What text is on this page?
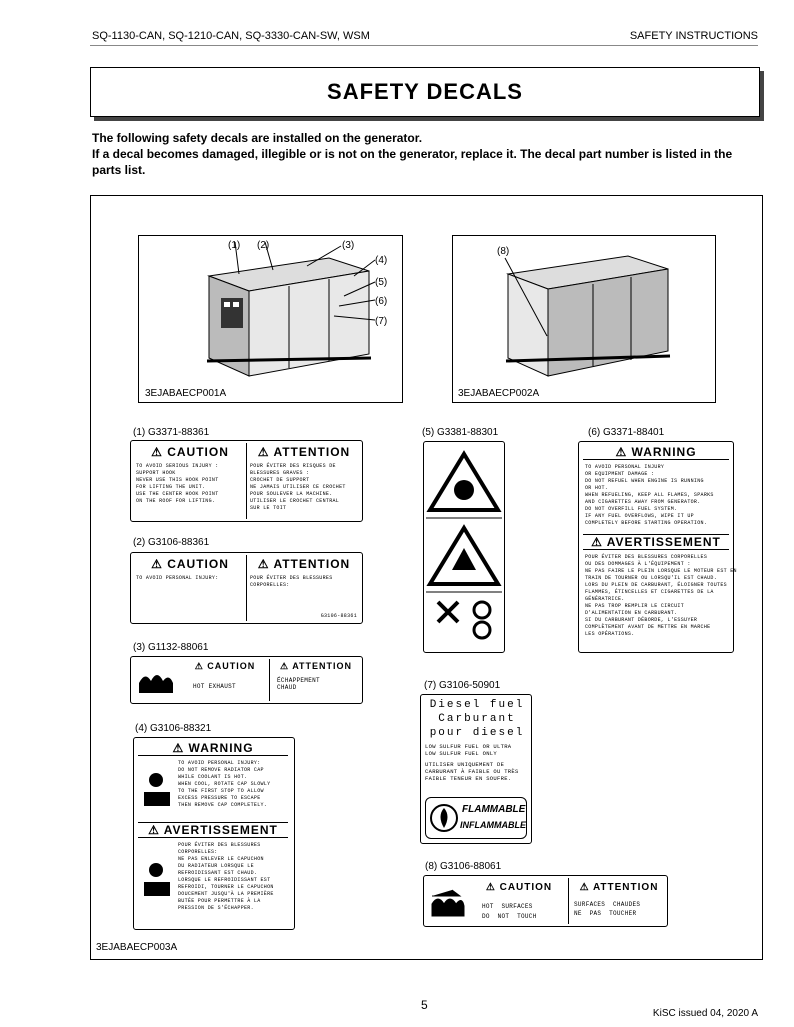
SQ-1130-CAN, SQ-1210-CAN, SQ-3330-CAN-SW, WSM	SAFETY INSTRUCTIONS
SAFETY DECALS
The following safety decals are installed on the generator.
If a decal becomes damaged, illegible or is not on the generator, replace it. The decal part number is listed in the parts list.
(1) (2)	(3)
(4)
(5)
(6)
(7)
3EJABAECP001A
(8)
3EJABAECP002A
(1) G3371-88361
⚠ CAUTION	⚠ ATTENTION
TO AVOID SERIOUS INJURY :
SUPPORT HOOK
NEVER USE THIS HOOK POINT
FOR LIFTING THE UNIT.
USE THE CENTER HOOK POINT
ON THE ROOF FOR LIFTING.
POUR ÉVITER DES RISQUES DE
BLESSURES GRAVES :
CROCHET DE SUPPORT
NE JAMAIS UTILISER CE CROCHET
POUR SOULEVER LA MACHINE.
UTILISER LE CROCHET CENTRAL
SUR LE TOIT
(2) G3106-88361
⚠ CAUTION	⚠ ATTENTION
TO AVOID PERSONAL INJURY:	POUR ÉVITER DES BLESSURES
CORPORELLES:
G3106-88361
(3) G1132-88061
⚠ CAUTION	⚠ ATTENTION
HOT EXHAUST
ÉCHAPPEMENT
CHAUD
(4) G3106-88321
⚠ WARNING
TO AVOID PERSONAL INJURY:
DO NOT REMOVE RADIATOR CAP
WHILE COOLANT IS HOT.
WHEN COOL, ROTATE CAP SLOWLY
TO THE FIRST STOP TO ALLOW
EXCESS PRESSURE TO ESCAPE
THEN REMOVE CAP COMPLETELY.
⚠ AVERTISSEMENT
POUR ÉVITER DES BLESSURES
CORPORELLES:
NE PAS ENLEVER LE CAPUCHON
DU RADIATEUR LORSQUE LE
REFROIDISSANT EST CHAUD.
LORSQUE LE REFROIDISSANT EST
REFROIDI, TOURNER LE CAPUCHON
DOUCEMENT JUSQU'À LA PREMIÈRE
BUTÉE POUR PERMETTRE À LA
PRESSION DE S'ÉCHAPPER.
(5) G3381-88301	(6) G3371-88401
⚠ WARNING
TO AVOID PERSONAL INJURY
OR EQUIPMENT DAMAGE :
DO NOT REFUEL WHEN ENGINE IS RUNNING
OR HOT.
WHEN REFUELING, KEEP ALL FLAMES, SPARKS
AND CIGARETTES AWAY FROM GENERATOR.
DO NOT OVERFILL FUEL SYSTEM.
IF ANY FUEL OVERFLOWS, WIPE IT UP
COMPLETELY BEFORE STARTING OPERATION.
⚠ AVERTISSEMENT
POUR ÉVITER DES BLESSURES CORPORELLES
OU DES DOMMAGES À L'ÉQUIPEMENT :
NE PAS FAIRE LE PLEIN LORSQUE LE MOTEUR EST EN
TRAIN DE TOURNER OU LORSQU'IL EST CHAUD.
LORS DU PLEIN DE CARBURANT, ÉLOIGNER TOUTES
FLAMMES, ÉTINCELLES ET CIGARETTES DE LA
GÉNÉRATRICE.
NE PAS TROP REMPLIR LE CIRCUIT
D'ALIMENTATION EN CARBURANT.
SI DU CARBURANT DÉBORDE, L'ESSUYER
COMPLÈTEMENT AVANT DE METTRE EN MARCHE
LES OPÉRATIONS.
(7) G3106-50901
Diesel fuel
Carburant
pour diesel
LOW SULFUR FUEL OR ULTRA
LOW SULFUR FUEL ONLY
UTILISER UNIQUEMENT DE
CARBURANT À FAIBLE OU TRÈS
FAIBLE TENEUR EN SOUFRE.
FLAMMABLE
INFLAMMABLE
(8) G3106-88061
⚠ CAUTION	⚠ ATTENTION
HOT  SURFACES
DO  NOT  TOUCH
SURFACES  CHAUDES
NE  PAS  TOUCHER
3EJABAECP003A
5
KiSC issued 04, 2020 A
